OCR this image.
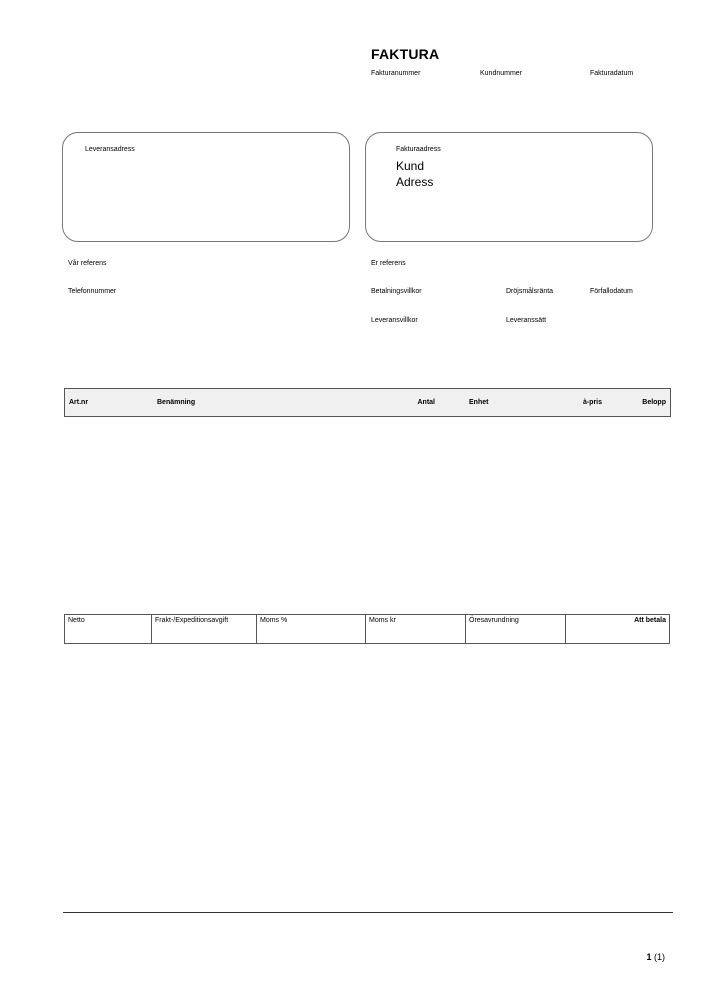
FAKTURA
Fakturanummer	Kundnummer	Fakturadatum
Leveransadress	Fakturaadress
Kund
Adress
Vår referens	Er referens
Telefonnummer	Betalningsvillkor	Dröjsmålsränta	Förfallodatum
Leveransvillkor	Leveranssätt
Art.nr	Benämning	Antal	Enhet	à-pris	Belopp
Netto	Frakt-/Expeditionsavgift	Moms %	Moms kr	Öresavrundning	Att betala
1 (1)
